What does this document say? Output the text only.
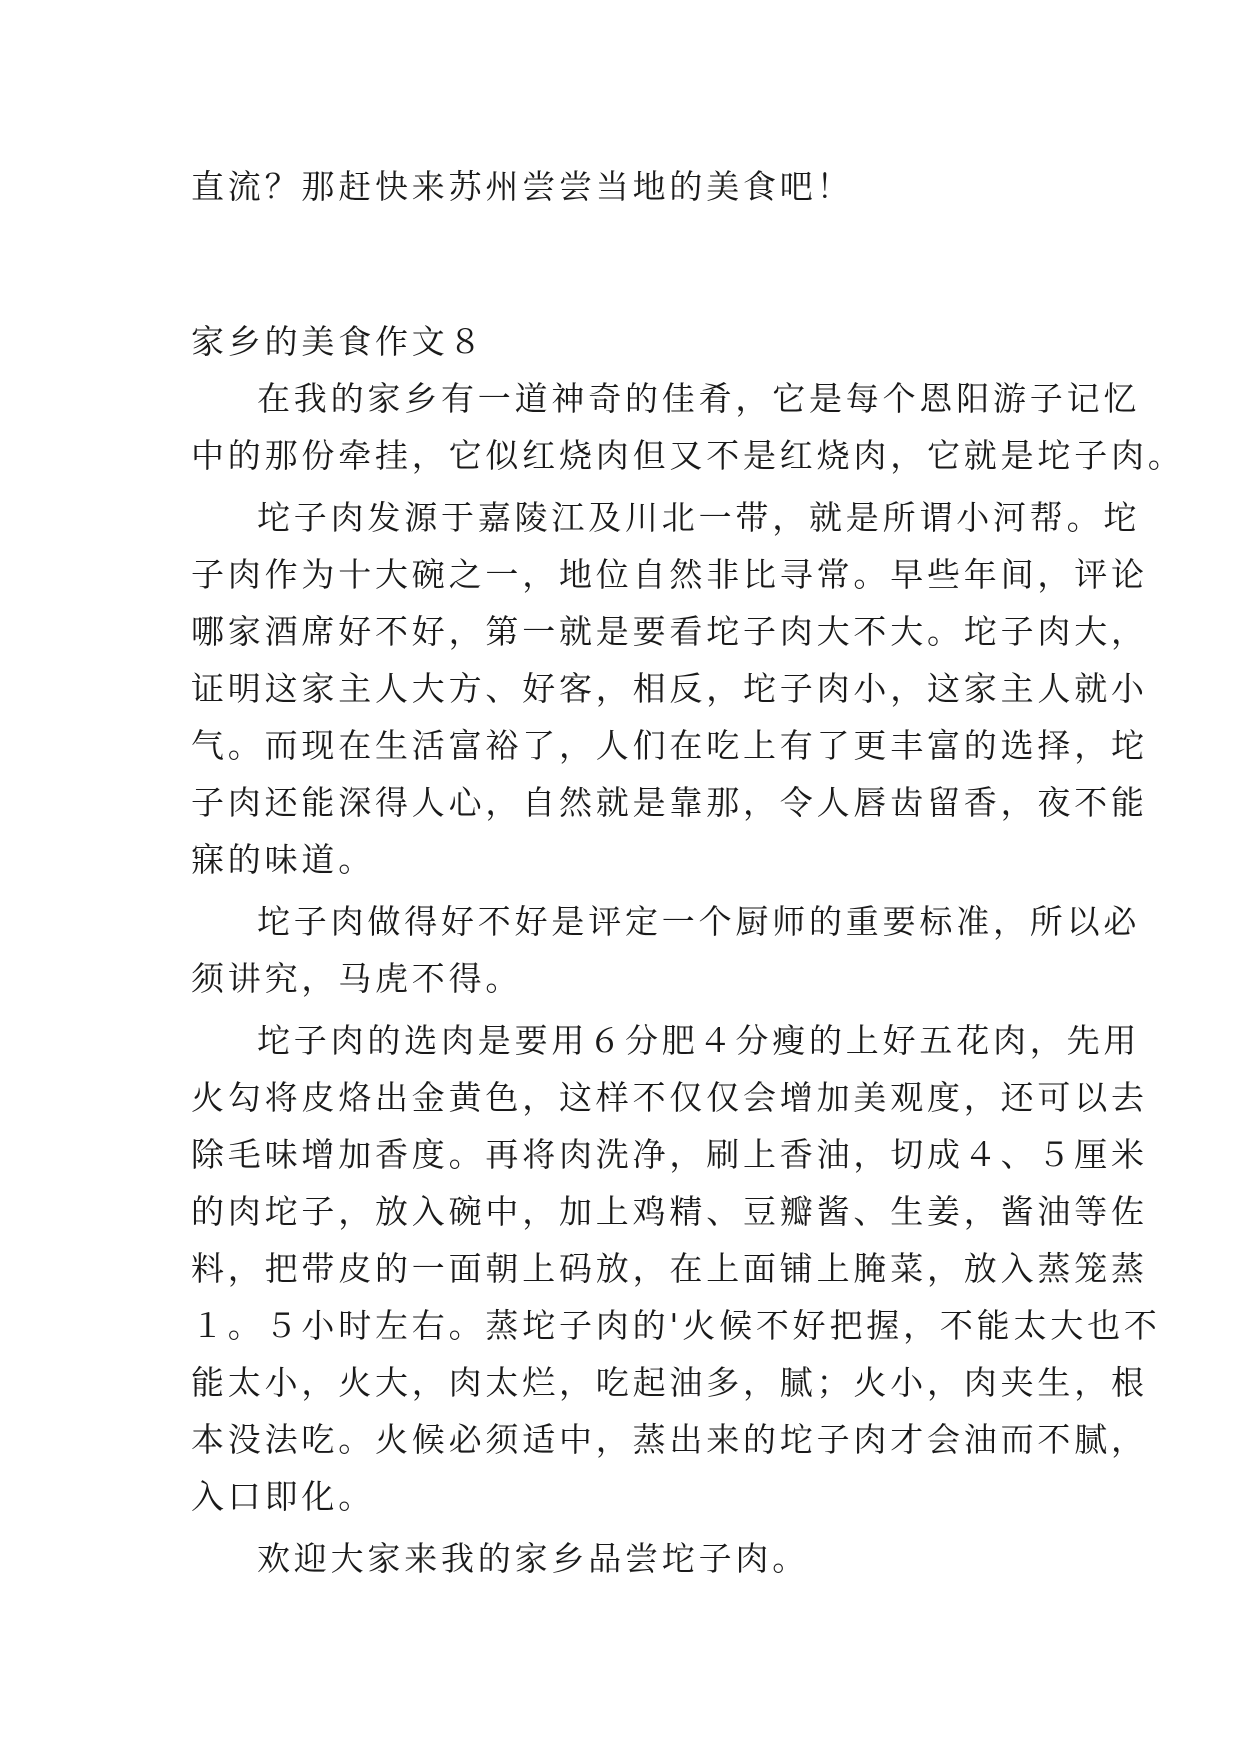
直流？那赶快来苏州尝尝当地的美食吧！

家乡的美食作文８

在我的家乡有一道神奇的佳肴，它是每个恩阳游子记忆

中的那份牵挂，它似红烧肉但又不是红烧肉，它就是坨子肉。

坨子肉发源于嘉陵江及川北一带，就是所谓小河帮。坨

子肉作为十大碗之一，地位自然非比寻常。早些年间，评论

哪家酒席好不好，第一就是要看坨子肉大不大。坨子肉大，

证明这家主人大方、好客，相反，坨子肉小，这家主人就小

气。而现在生活富裕了，人们在吃上有了更丰富的选择，坨

子肉还能深得人心，自然就是靠那，令人唇齿留香，夜不能

寐的味道。

坨子肉做得好不好是评定一个厨师的重要标准，所以必

须讲究，马虎不得。

坨子肉的选肉是要用６分肥４分瘦的上好五花肉，先用

火勾将皮烙出金黄色，这样不仅仅会增加美观度，还可以去

除毛味增加香度。再将肉洗净，刷上香油，切成４、５厘米

的肉坨子，放入碗中，加上鸡精、豆瓣酱、生姜，酱油等佐

料，把带皮的一面朝上码放，在上面铺上腌菜，放入蒸笼蒸

１。５小时左右。蒸坨子肉的'火候不好把握，不能太大也不

能太小，火大，肉太烂，吃起油多，腻；火小，肉夹生，根

本没法吃。火候必须适中，蒸出来的坨子肉才会油而不腻，

入口即化。

欢迎大家来我的家乡品尝坨子肉。
